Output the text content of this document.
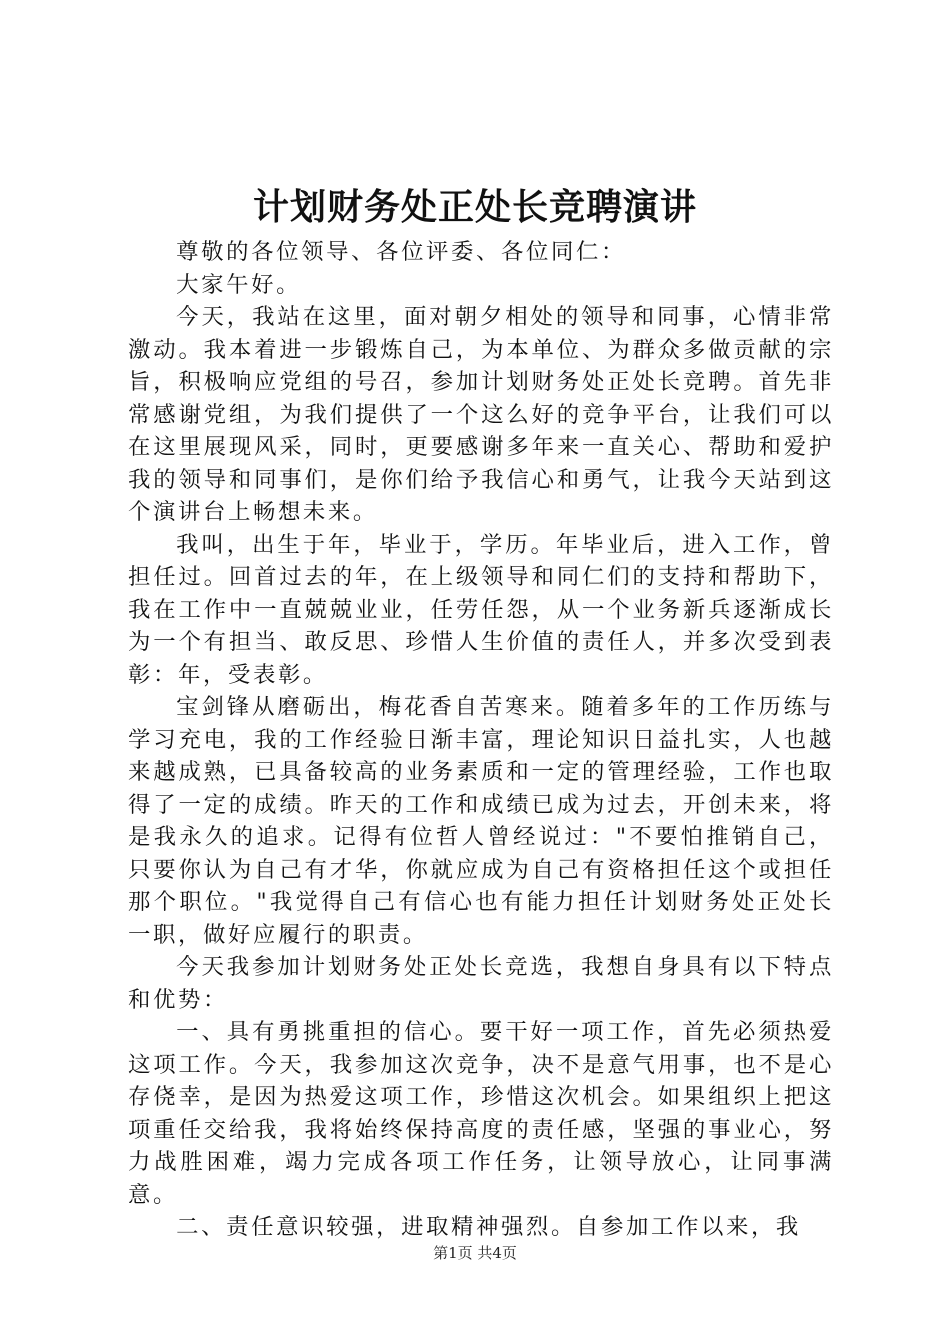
计划财务处正处长竞聘演讲

尊敬的各位领导、各位评委、各位同仁：

大家午好。

今天，我站在这里，面对朝夕相处的领导和同事，心情非常激动。我本着进一步锻炼自己，为本单位、为群众多做贡献的宗旨，积极响应党组的号召，参加计划财务处正处长竞聘。首先非常感谢党组，为我们提供了一个这么好的竞争平台，让我们可以在这里展现风采，同时，更要感谢多年来一直关心、帮助和爱护我的领导和同事们，是你们给予我信心和勇气，让我今天站到这个演讲台上畅想未来。

我叫，出生于年，毕业于，学历。年毕业后，进入工作，曾担任过。回首过去的年，在上级领导和同仁们的支持和帮助下，我在工作中一直兢兢业业，任劳任怨，从一个业务新兵逐渐成长为一个有担当、敢反思、珍惜人生价值的责任人，并多次受到表彰：年，受表彰。

宝剑锋从磨砺出，梅花香自苦寒来。随着多年的工作历练与学习充电，我的工作经验日渐丰富，理论知识日益扎实，人也越来越成熟，已具备较高的业务素质和一定的管理经验，工作也取得了一定的成绩。昨天的工作和成绩已成为过去，开创未来，将是我永久的追求。记得有位哲人曾经说过："不要怕推销自己，只要你认为自己有才华，你就应成为自己有资格担任这个或担任那个职位。"我觉得自己有信心也有能力担任计划财务处正处长一职，做好应履行的职责。

今天我参加计划财务处正处长竞选，我想自身具有以下特点和优势：

一、具有勇挑重担的信心。要干好一项工作，首先必须热爱这项工作。今天，我参加这次竞争，决不是意气用事，也不是心存侥幸，是因为热爱这项工作，珍惜这次机会。如果组织上把这项重任交给我，我将始终保持高度的责任感，坚强的事业心，努力战胜困难，竭力完成各项工作任务，让领导放心，让同事满意。

二、责任意识较强，进取精神强烈。自参加工作以来，我

第1页 共4页
